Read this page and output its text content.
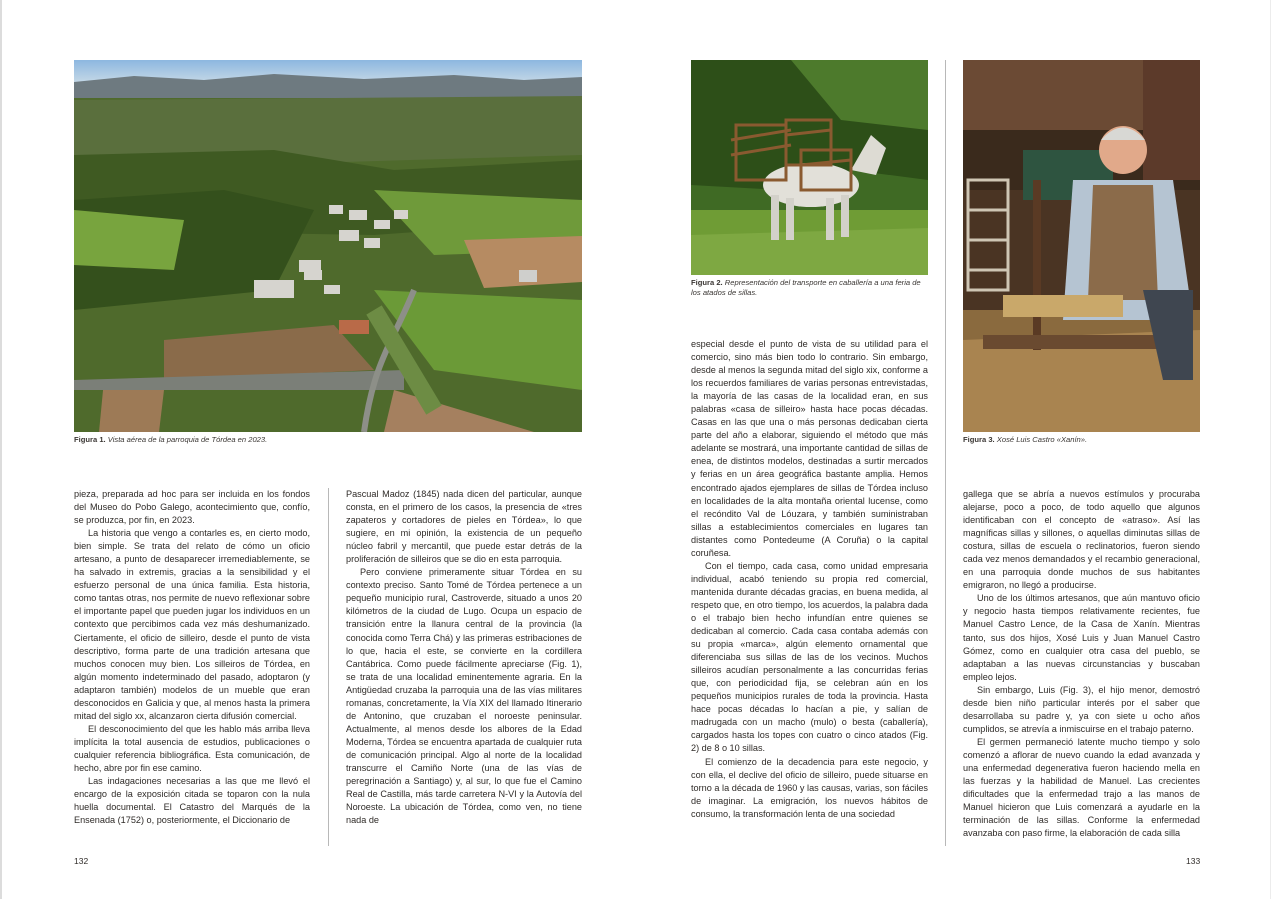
Figura 1. Vista aérea de la parroquia de Tórdea en 2023.
Figura 2. Representación del transporte en caballería a una feria de los atados de sillas.
Figura 3. Xosé Luis Castro «Xanín».

pieza, preparada ad hoc para ser incluida en los fondos del Museo do Pobo Galego, acontecimiento que, confío, se produzca, por fin, en 2023.

La historia que vengo a contarles es, en cierto modo, bien simple. Se trata del relato de cómo un oficio artesano, a punto de desaparecer irremediablemente, se ha salvado in extremis, gracias a la sensibilidad y el esfuerzo personal de una única familia. Esta historia, como tantas otras, nos permite de nuevo reflexionar sobre el importante papel que pueden jugar los individuos en un contexto que percibimos cada vez más deshumanizado. Ciertamente, el oficio de silleiro, desde el punto de vista descriptivo, forma parte de una tradición artesana que muchos conocen muy bien. Los silleiros de Tórdea, en algún momento indeterminado del pasado, adoptaron (y adaptaron también) modelos de un mueble que eran desconocidos en Galicia y que, al menos hasta la primera mitad del siglo xx, alcanzaron cierta difusión comercial.

El desconocimiento del que les hablo más arriba lleva implícita la total ausencia de estudios, publicaciones o cualquier referencia bibliográfica. Esta comunicación, de hecho, abre por fin ese camino.

Las indagaciones necesarias a las que me llevó el encargo de la exposición citada se toparon con la nula huella documental. El Catastro del Marqués de la Ensenada (1752) o, posteriormente, el Diccionario de

Pascual Madoz (1845) nada dicen del particular, aunque consta, en el primero de los casos, la presencia de «tres zapateros y cortadores de pieles en Tórdea», lo que sugiere, en mi opinión, la existencia de un pequeño núcleo fabril y mercantil, que puede estar detrás de la proliferación de silleiros que se dio en esta parroquia.

Pero conviene primeramente situar Tórdea en su contexto preciso. Santo Tomé de Tórdea pertenece a un pequeño municipio rural, Castroverde, situado a unos 20 kilómetros de la ciudad de Lugo. Ocupa un espacio de transición entre la llanura central de la provincia (la conocida como Terra Chá) y las primeras estribaciones de lo que, hacia el este, se convierte en la cordillera Cantábrica. Como puede fácilmente apreciarse (Fig. 1), se trata de una localidad eminentemente agraria. En la Antigüedad cruzaba la parroquia una de las vías militares romanas, concretamente, la Vía XIX del llamado Itinerario de Antonino, que cruzaban el noroeste peninsular. Actualmente, al menos desde los albores de la Edad Moderna, Tórdea se encuentra apartada de cualquier ruta de comunicación principal. Algo al norte de la localidad transcurre el Camiño Norte (una de las vías de peregrinación a Santiago) y, al sur, lo que fue el Camino Real de Castilla, más tarde carretera N-VI y la Autovía del Noroeste. La ubicación de Tórdea, como ven, no tiene nada de

especial desde el punto de vista de su utilidad para el comercio, sino más bien todo lo contrario. Sin embargo, desde al menos la segunda mitad del siglo xix, conforme a los recuerdos familiares de varias personas entrevistadas, la mayoría de las casas de la localidad eran, en sus palabras «casa de silleiro» hasta hace pocas décadas. Casas en las que una o más personas dedicaban cierta parte del año a elaborar, siguiendo el método que más adelante se mostrará, una importante cantidad de sillas de enea, de distintos modelos, destinadas a surtir mercados y ferias en un área geográfica bastante amplia. Hemos encontrado ajados ejemplares de sillas de Tórdea incluso en localidades de la alta montaña oriental lucense, como el recóndito Val de Lóuzara, y también suministraban sillas a establecimientos comerciales en lugares tan distantes como Pontedeume (A Coruña) o la capital coruñesa.

Con el tiempo, cada casa, como unidad empresaria individual, acabó teniendo su propia red comercial, mantenida durante décadas gracias, en buena medida, al respeto que, en otro tiempo, los acuerdos, la palabra dada o el trabajo bien hecho infundían entre quienes se dedicaban al comercio. Cada casa contaba además con su propia «marca», algún elemento ornamental que diferenciaba sus sillas de las de los vecinos. Muchos silleiros acudían personalmente a las concurridas ferias que, con periodicidad fija, se celebran aún en los pequeños municipios rurales de toda la provincia. Hasta hace pocas décadas lo hacían a pie, y salían de madrugada con un macho (mulo) o besta (caballería), cargados hasta los topes con cuatro o cinco atados (Fig. 2) de 8 o 10 sillas.

El comienzo de la decadencia para este negocio, y con ella, el declive del oficio de silleiro, puede situarse en torno a la década de 1960 y las causas, varias, son fáciles de imaginar. La emigración, los nuevos hábitos de consumo, la transformación lenta de una sociedad

gallega que se abría a nuevos estímulos y procuraba alejarse, poco a poco, de todo aquello que algunos identificaban con el concepto de «atraso». Así las magníficas sillas y sillones, o aquellas diminutas sillas de costura, sillas de escuela o reclinatorios, fueron siendo cada vez menos demandados y el recambio generacional, en una parroquia donde muchos de sus habitantes emigraron, no llegó a producirse.

Uno de los últimos artesanos, que aún mantuvo oficio y negocio hasta tiempos relativamente recientes, fue Manuel Castro Lence, de la Casa de Xanín. Mientras tanto, sus dos hijos, Xosé Luis y Juan Manuel Castro Gómez, como en cualquier otra casa del pueblo, se adaptaban a las nuevas circunstancias y buscaban empleo lejos.

Sin embargo, Luis (Fig. 3), el hijo menor, demostró desde bien niño particular interés por el saber que desarrollaba su padre y, ya con siete u ocho años cumplidos, se atrevía a inmiscuirse en el trabajo paterno.

El germen permaneció latente mucho tiempo y solo comenzó a aflorar de nuevo cuando la edad avanzada y una enfermedad degenerativa fueron haciendo mella en las fuerzas y la habilidad de Manuel. Las crecientes dificultades que la enfermedad trajo a las manos de Manuel hicieron que Luis comenzará a ayudarle en la terminación de las sillas. Conforme la enfermedad avanzaba con paso firme, la elaboración de cada silla

132	133
